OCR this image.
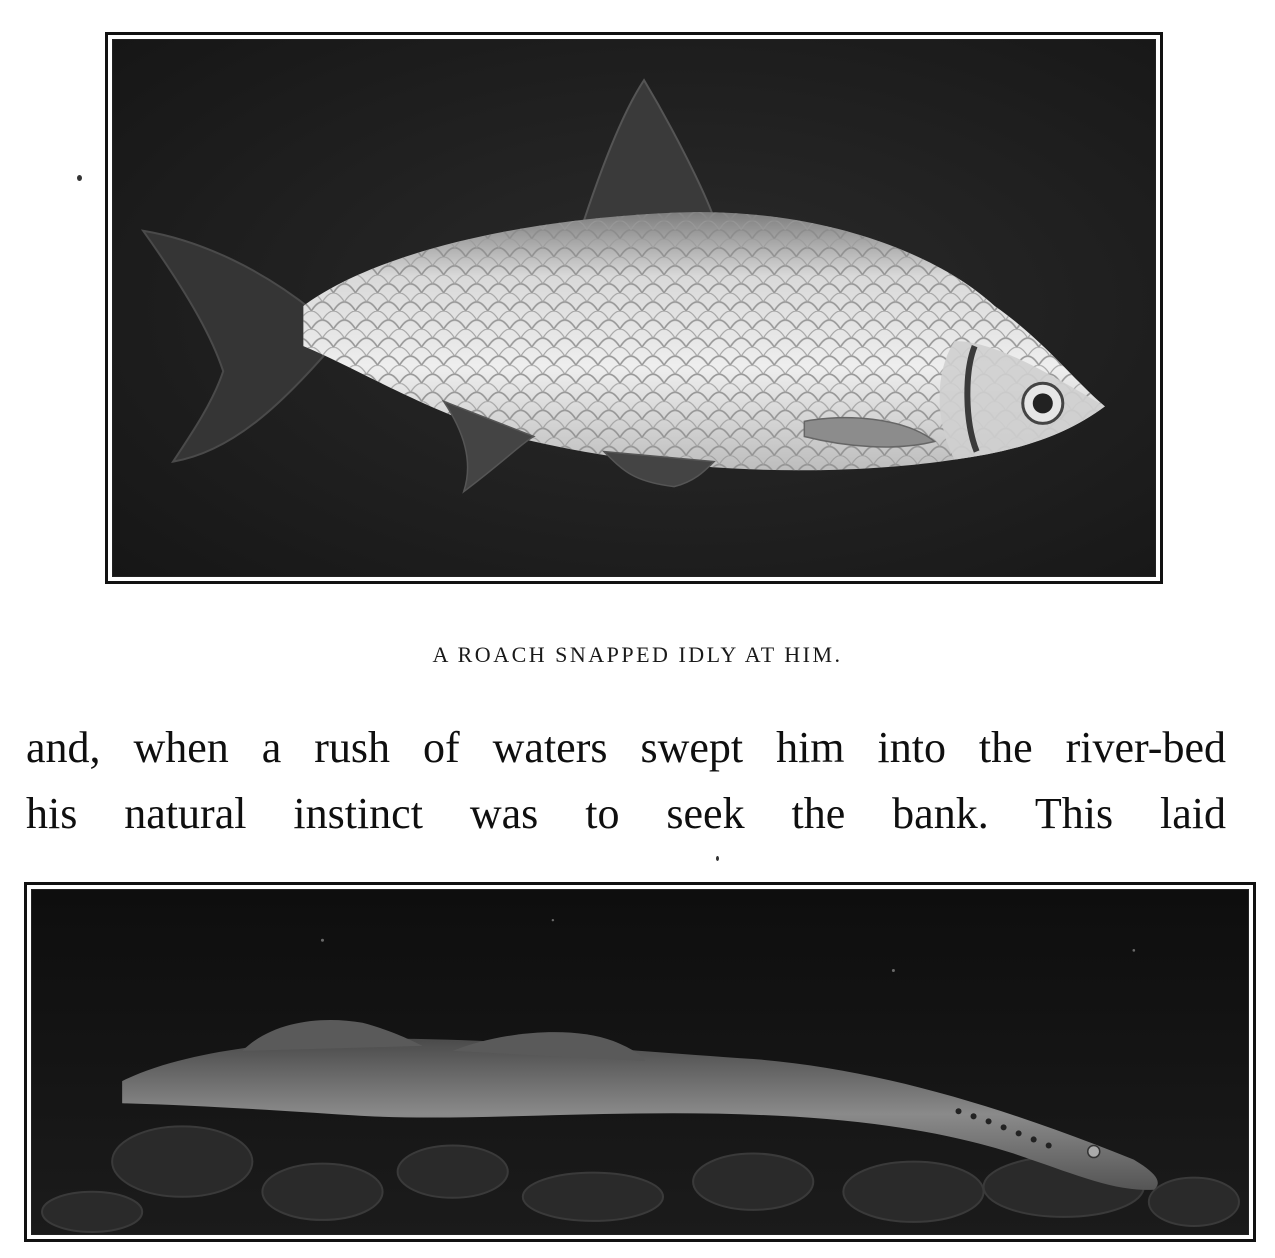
A ROACH SNAPPED IDLY AT HIM.
and, when a rush of waters swept him into the river-bed
his natural instinct was to seek the bank. This laid
